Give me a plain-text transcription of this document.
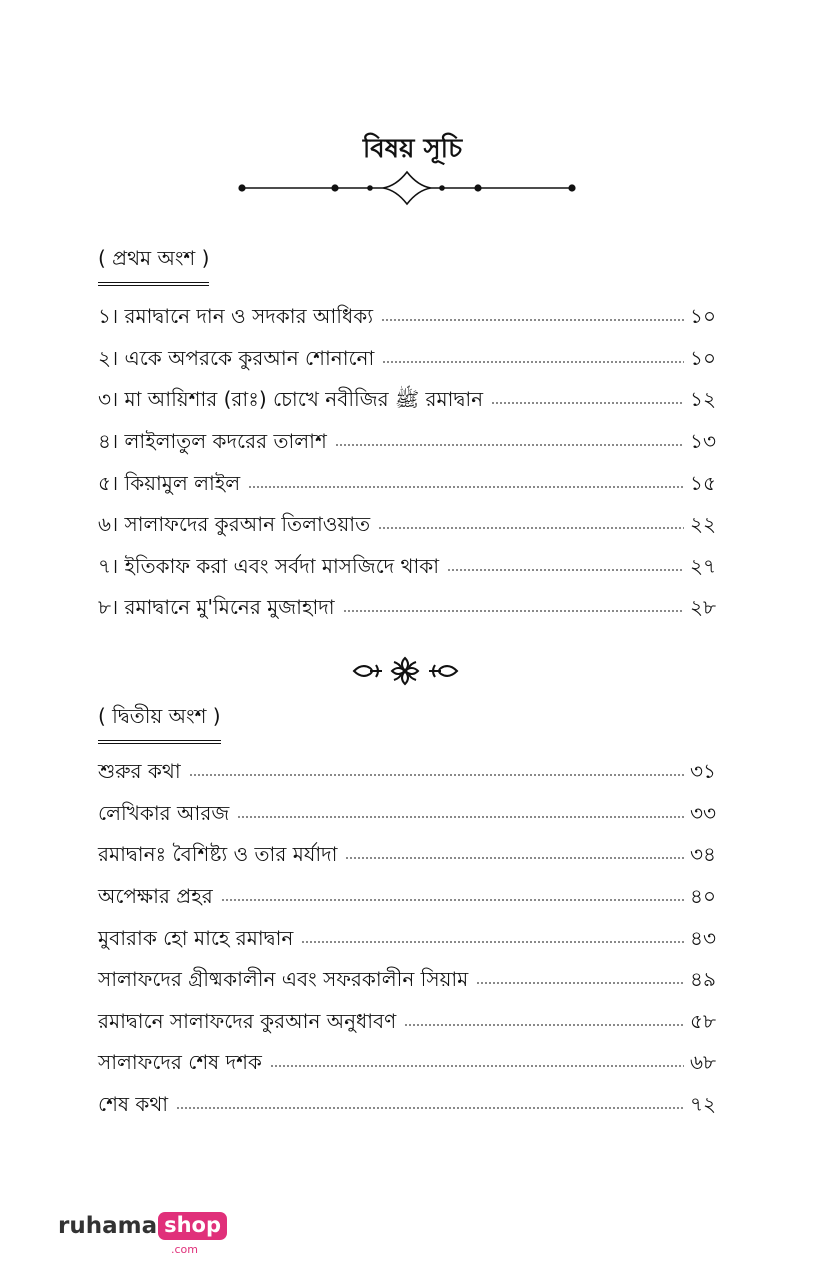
বিষয় সূচি
( প্রথম অংশ )
১। রমাদ্বানে দান ও সদকার আধিক্য	১০
২। একে অপরকে কুরআন শোনানো	১০
৩। মা আয়িশার (রাঃ) চোখে নবীজির ﷺ রমাদ্বান	১২
৪। লাইলাতুল কদরের তালাশ	১৩
৫। কিয়ামুল লাইল	১৫
৬। সালাফদের কুরআন তিলাওয়াত	২২
৭। ইতিকাফ করা এবং সর্বদা মাসজিদে থাকা	২৭
৮। রমাদ্বানে মু'মিনের মুজাহাদা	২৮
( দ্বিতীয় অংশ )
শুরুর কথা	৩১
লেখিকার আরজ	৩৩
রমাদ্বানঃ বৈশিষ্ট্য ও তার মর্যাদা	৩৪
অপেক্ষার প্রহর	৪০
মুবারাক হো মাহে রমাদ্বান	৪৩
সালাফদের গ্রীষ্মকালীন এবং সফরকালীন সিয়াম	৪৯
রমাদ্বানে সালাফদের কুরআন অনুধাবণ	৫৮
সালাফদের শেষ দশক	৬৮
শেষ কথা	৭২
ruhama shop
.com
